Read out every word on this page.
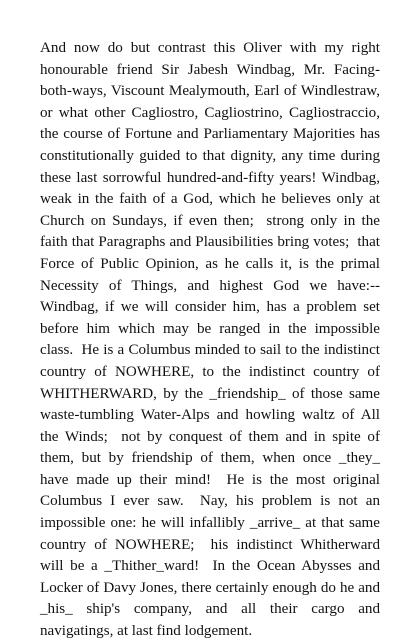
And now do but contrast this Oliver with my right honourable friend Sir Jabesh Windbag, Mr. Facing-both-ways, Viscount Mealymouth, Earl of Windlestraw, or what other Cagliostro, Cagliostrino, Cagliostraccio, the course of Fortune and Parliamentary Majorities has constitutionally guided to that dignity, any time during these last sorrowful hundred-and-fifty years! Windbag, weak in the faith of a God, which he believes only at Church on Sundays, if even then;  strong only in the faith that Paragraphs and Plausibilities bring votes;  that Force of Public Opinion, as he calls it, is the primal Necessity of Things, and highest God we have:--Windbag, if we will consider him, has a problem set before him which may be ranged in the impossible class.  He is a Columbus minded to sail to the indistinct country of NOWHERE, to the indistinct country of WHITHERWARD, by the _friendship_ of those same waste-tumbling Water-Alps and howling waltz of All the Winds;  not by conquest of them and in spite of them, but by friendship of them, when once _they_ have made up their mind!  He is the most original Columbus I ever saw.  Nay, his problem is not an impossible one: he will infallibly _arrive_ at that same country of NOWHERE;  his indistinct Whitherward will be a _Thither_ward!  In the Ocean Abysses and Locker of Davy Jones, there certainly enough do he and _his_ ship's company, and all their cargo and navigatings, at last find lodgement.
